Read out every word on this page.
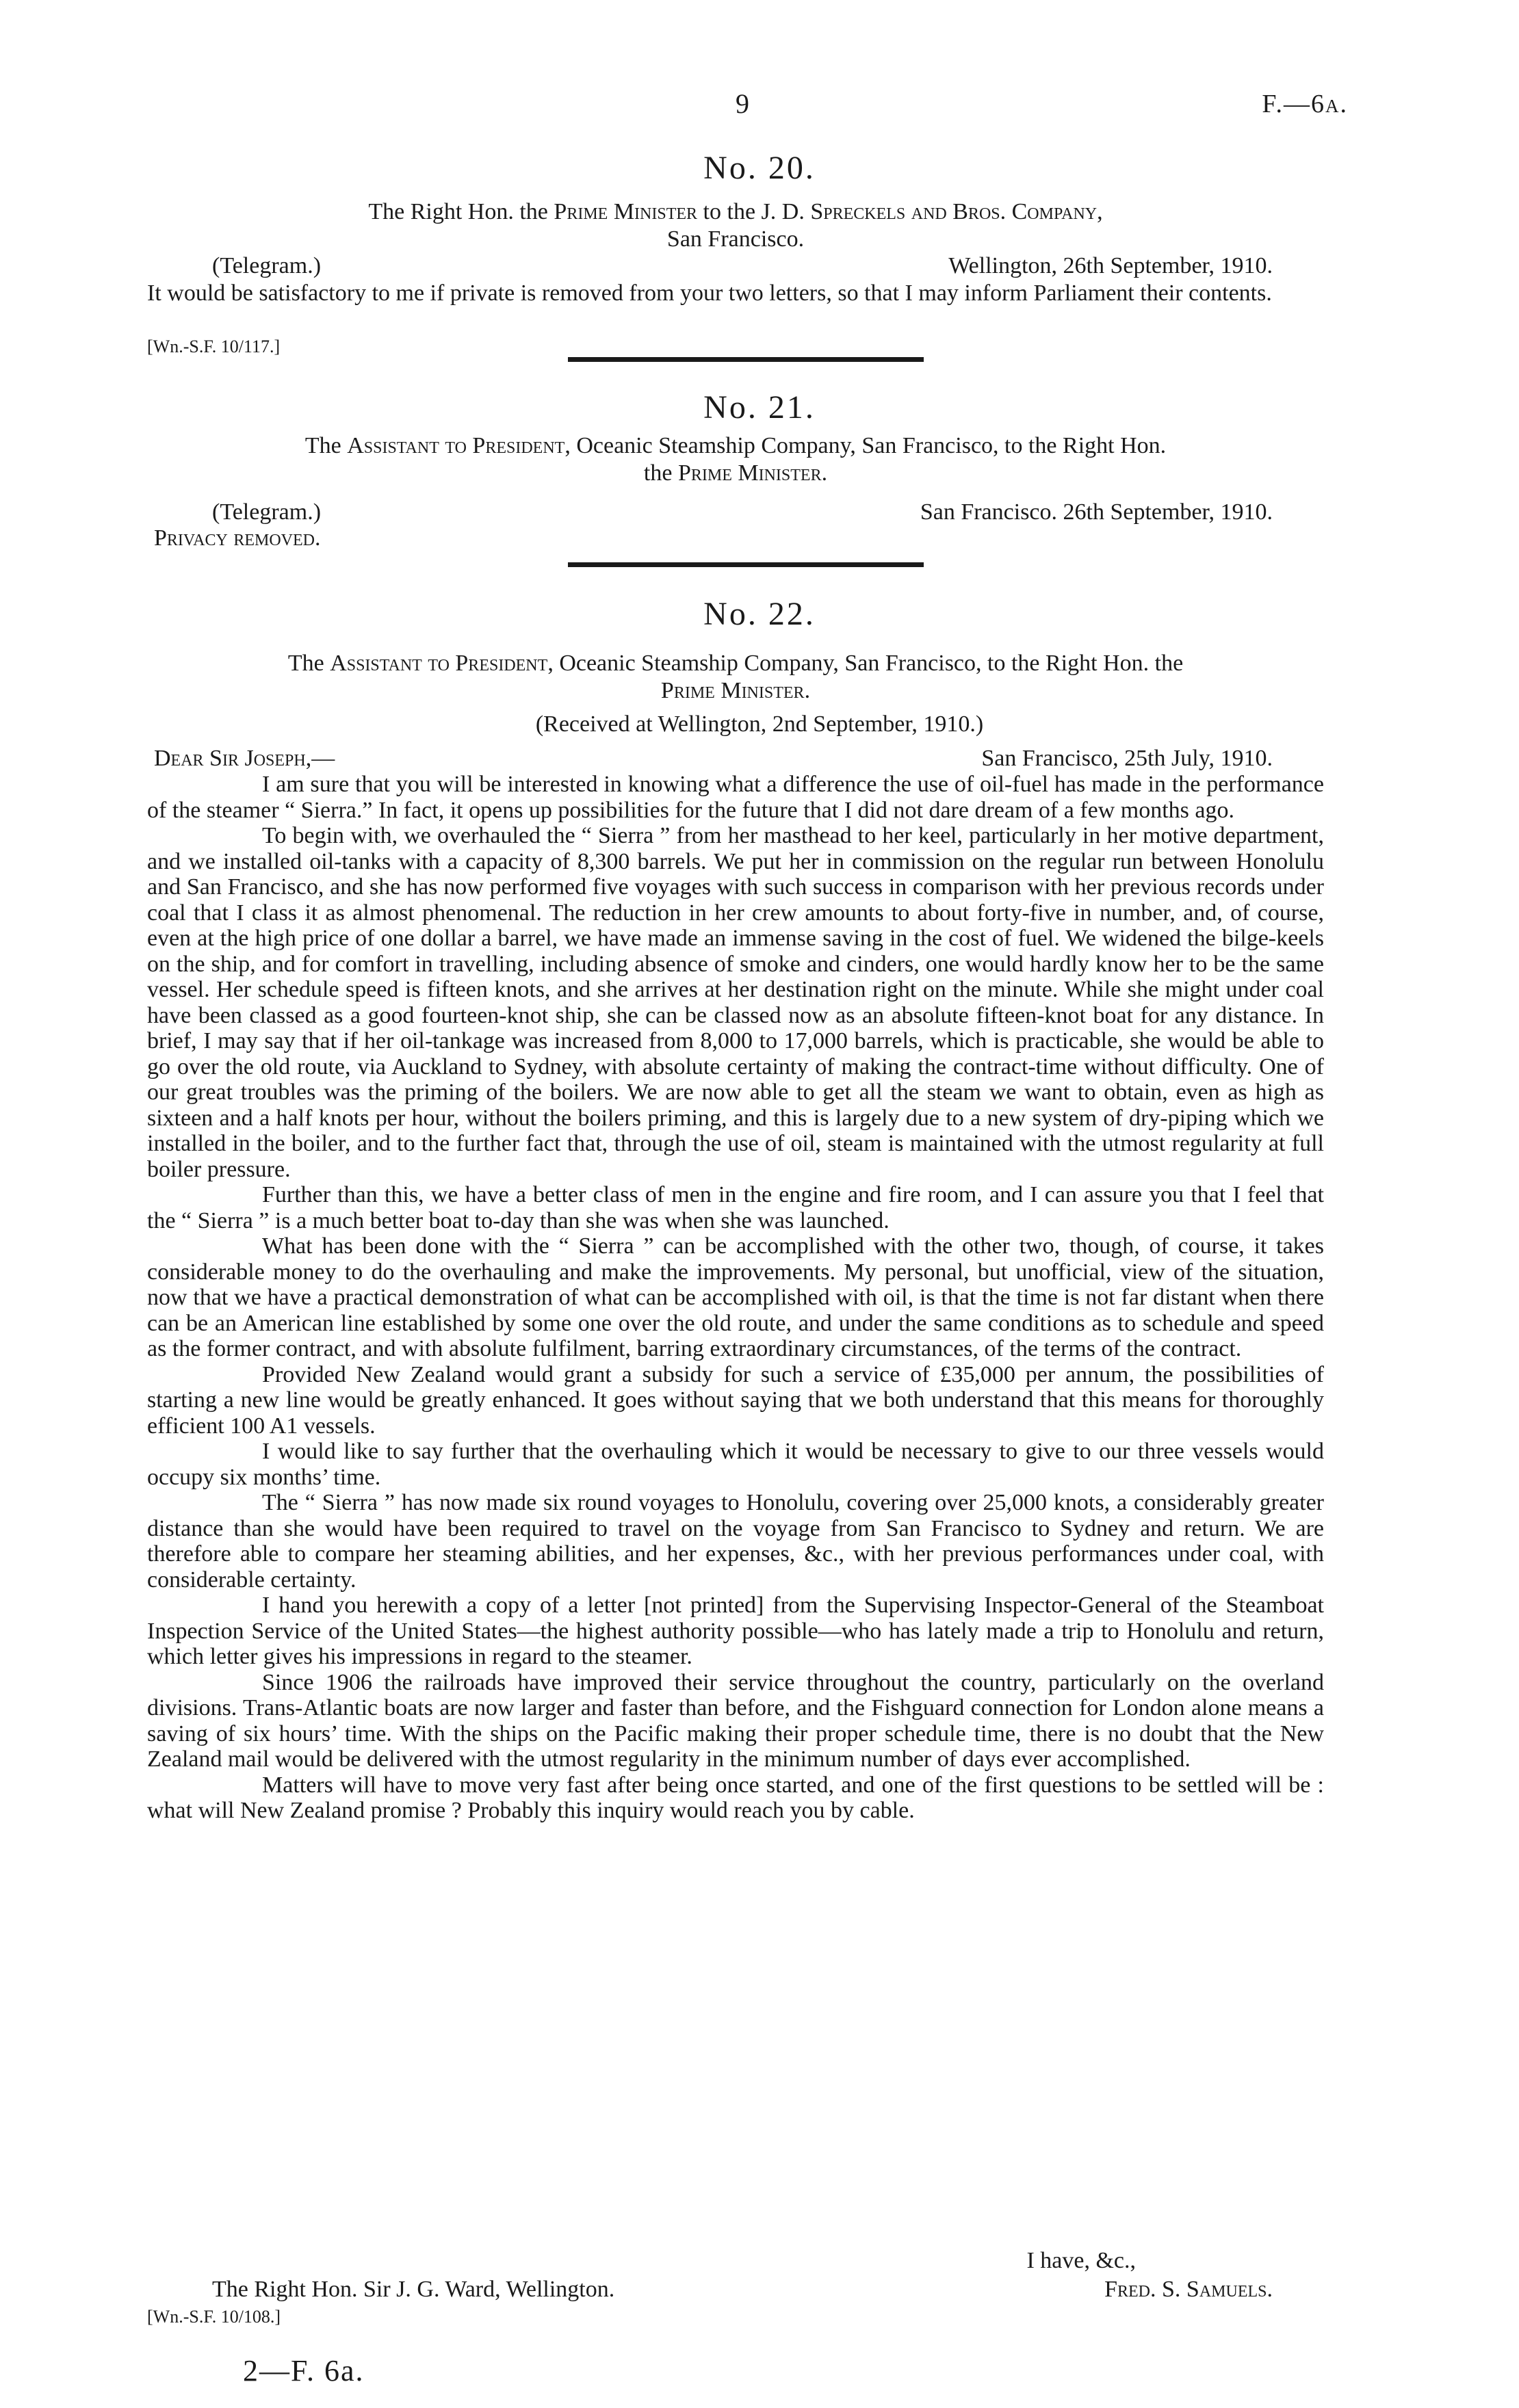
9	F.—6a.
No. 20.
The Right Hon. the Prime Minister to the J. D. Spreckels and Bros. Company,
San Francisco.
(Telegram.)	Wellington, 26th September, 1910.

It would be satisfactory to me if private is removed from your two letters, so that I may inform Parliament their contents.

[Wn.-S.F. 10/117.]
No. 21.
The Assistant to President, Oceanic Steamship Company, San Francisco, to the Right Hon.
the Prime Minister.
(Telegram.)	San Francisco. 26th September, 1910.
Privacy removed.
No. 22.
The Assistant to President, Oceanic Steamship Company, San Francisco, to the Right Hon. the
Prime Minister.
(Received at Wellington, 2nd September, 1910.)
Dear Sir Joseph,—	San Francisco, 25th July, 1910.

I am sure that you will be interested in knowing what a difference the use of oil-fuel has made in the performance of the steamer “ Sierra.” In fact, it opens up possibilities for the future that I did not dare dream of a few months ago.

To begin with, we overhauled the “ Sierra ” from her masthead to her keel, particularly in her motive department, and we installed oil-tanks with a capacity of 8,300 barrels. We put her in commission on the regular run between Honolulu and San Francisco, and she has now performed five voyages with such success in comparison with her previous records under coal that I class it as almost phenomenal. The reduction in her crew amounts to about forty-five in number, and, of course, even at the high price of one dollar a barrel, we have made an immense saving in the cost of fuel. We widened the bilge-keels on the ship, and for comfort in travelling, including absence of smoke and cinders, one would hardly know her to be the same vessel. Her schedule speed is fifteen knots, and she arrives at her destination right on the minute. While she might under coal have been classed as a good fourteen-knot ship, she can be classed now as an absolute fifteen-knot boat for any distance. In brief, I may say that if her oil-tankage was increased from 8,000 to 17,000 barrels, which is practicable, she would be able to go over the old route, via Auckland to Sydney, with absolute certainty of making the contract-time without difficulty. One of our great troubles was the priming of the boilers. We are now able to get all the steam we want to obtain, even as high as sixteen and a half knots per hour, without the boilers priming, and this is largely due to a new system of dry-piping which we installed in the boiler, and to the further fact that, through the use of oil, steam is maintained with the utmost regularity at full boiler pressure.

Further than this, we have a better class of men in the engine and fire room, and I can assure you that I feel that the “ Sierra ” is a much better boat to-day than she was when she was launched.

What has been done with the “ Sierra ” can be accomplished with the other two, though, of course, it takes considerable money to do the overhauling and make the improvements. My personal, but unofficial, view of the situation, now that we have a practical demonstration of what can be accomplished with oil, is that the time is not far distant when there can be an American line established by some one over the old route, and under the same conditions as to schedule and speed as the former contract, and with absolute fulfilment, barring extraordinary circumstances, of the terms of the contract.

Provided New Zealand would grant a subsidy for such a service of £35,000 per annum, the possibilities of starting a new line would be greatly enhanced. It goes without saying that we both understand that this means for thoroughly efficient 100 A1 vessels.

I would like to say further that the overhauling which it would be necessary to give to our three vessels would occupy six months’ time.

The “ Sierra ” has now made six round voyages to Honolulu, covering over 25,000 knots, a considerably greater distance than she would have been required to travel on the voyage from San Francisco to Sydney and return. We are therefore able to compare her steaming abilities, and her expenses, &c., with her previous performances under coal, with considerable certainty.

I hand you herewith a copy of a letter [not printed] from the Supervising Inspector-General of the Steamboat Inspection Service of the United States—the highest authority possible—who has lately made a trip to Honolulu and return, which letter gives his impressions in regard to the steamer.

Since 1906 the railroads have improved their service throughout the country, particularly on the overland divisions. Trans-Atlantic boats are now larger and faster than before, and the Fishguard connection for London alone means a saving of six hours’ time. With the ships on the Pacific making their proper schedule time, there is no doubt that the New Zealand mail would be delivered with the utmost regularity in the minimum number of days ever accomplished.

Matters will have to move very fast after being once started, and one of the first questions to be settled will be : what will New Zealand promise ? Probably this inquiry would reach you by cable.

I have, &c.,
The Right Hon. Sir J. G. Ward, Wellington.	Fred. S. Samuels.
[Wn.-S.F. 10/108.]
2—F. 6a.
